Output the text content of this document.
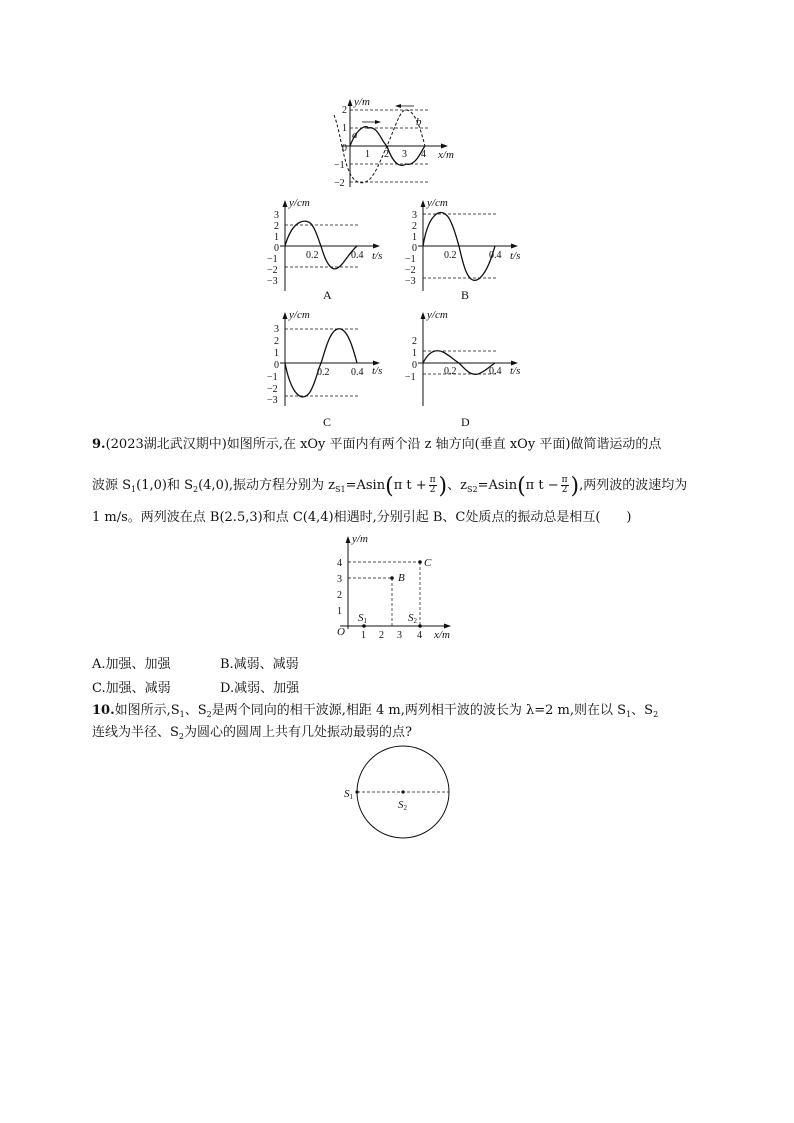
y/m
x/m
2
1
0
−1
−2
1 2 3 4
a
b
y/cm
t/s
3
2
1
0
−1
−2
−3
0.2	0.4
A
y/cm
t/s
3
2
1
0
−1
−2
−3
0.2	0.4
B
y/cm
t/s
3
2
1
0
−1
−2
−3
0.2 0.4
C
y/cm
t/s
2
1
0
−1
0.2	0.4
D
9.(2023湖北武汉期中)如图所示,在 xOy 平面内有两个沿 z 轴方向(垂直 xOy 平面)做简谐运动的点
波源 $S_1(1,0)$和 $S_2(4,0)$,振动方程分别为 $z_{S1}=Asin(\pi$ $t + \frac{\pi}{2}$ )、$z_{S2}=Asin(\pi$ $t - \frac{\pi}{2}$ ),两列波的波速均为
1 m/s。两列波在点 B(2.5,3)和点 C(4,4)相遇时,分别引起 B、C处质点的振动总是相互(　　)
y/m
x/m
O
4
3
2
1
1 2 3 4
B
C
S1	S2
A.加强、加强	B.减弱、减弱
C.加强、减弱	D.减弱、加强
10.如图所示$,S_1$、$S_2$是两个同向的相干波源,相距 4 m,两列相干波的波长为 λ=2 m,则在以 $S_1$、$S_2$
连线为半径、$S_2$为圆心的圆周上共有几处振动最弱的点?
S1
S2
